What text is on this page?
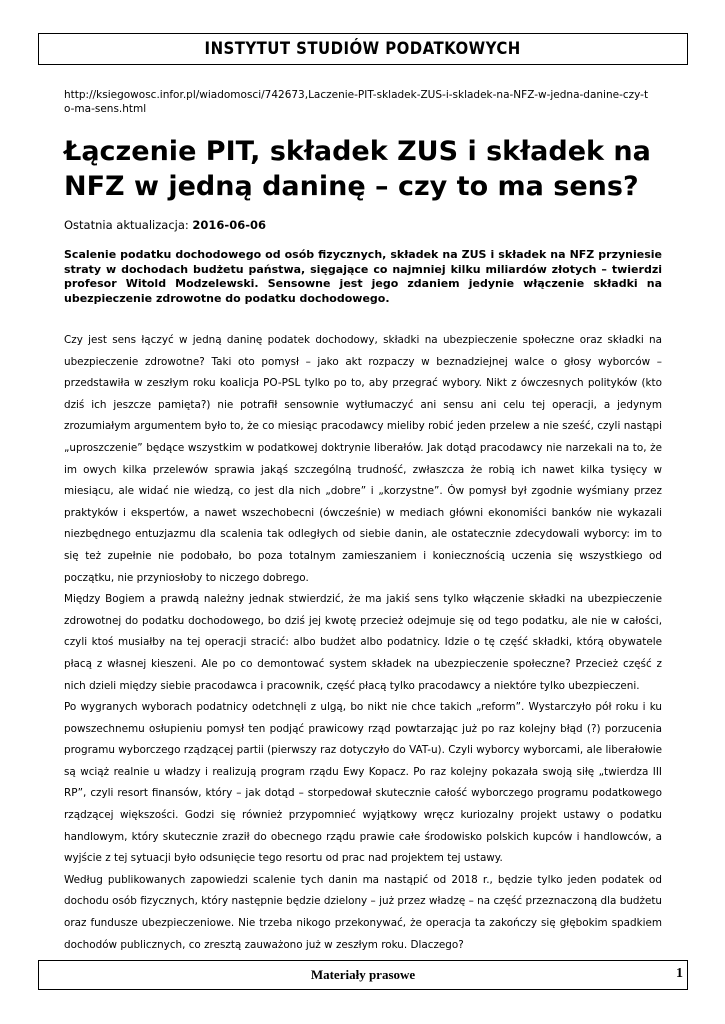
INSTYTUT STUDIÓW PODATKOWYCH
http://ksiegowosc.infor.pl/wiadomosci/742673,Laczenie-PIT-skladek-ZUS-i-skladek-na-NFZ-w-jedna-danine-czy-to-ma-sens.html
Łączenie PIT, składek ZUS i składek na NFZ w jedną daninę – czy to ma sens?
Ostatnia aktualizacja: 2016-06-06

Scalenie podatku dochodowego od osób fizycznych, składek na ZUS i składek na NFZ przyniesie straty w dochodach budżetu państwa, sięgające co najmniej kilku miliardów złotych – twierdzi profesor Witold Modzelewski. Sensowne jest jego zdaniem jedynie włączenie składki na ubezpieczenie zdrowotne do podatku dochodowego.

Czy jest sens łączyć w jedną daninę podatek dochodowy, składki na ubezpieczenie społeczne oraz składki na ubezpieczenie zdrowotne? Taki oto pomysł – jako akt rozpaczy w beznadziejnej walce o głosy wyborców – przedstawiła w zeszłym roku koalicja PO-PSL tylko po to, aby przegrać wybory. Nikt z ówczesnych polityków (kto dziś ich jeszcze pamięta?) nie potrafił sensownie wytłumaczyć ani sensu ani celu tej operacji, a jedynym zrozumiałym argumentem było to, że co miesiąc pracodawcy mieliby robić jeden przelew a nie sześć, czyli nastąpi „uproszczenie” będące wszystkim w podatkowej doktrynie liberałów. Jak dotąd pracodawcy nie narzekali na to, że im owych kilka przelewów sprawia jakąś szczególną trudność, zwłaszcza że robią ich nawet kilka tysięcy w miesiącu, ale widać nie wiedzą, co jest dla nich „dobre” i „korzystne”. Ów pomysł był zgodnie wyśmiany przez praktyków i ekspertów, a nawet wszechobecni (ówcześnie) w mediach główni ekonomiści banków nie wykazali niezbędnego entuzjazmu dla scalenia tak odległych od siebie danin, ale ostatecznie zdecydowali wyborcy: im to się też zupełnie nie podobało, bo poza totalnym zamieszaniem i koniecznością uczenia się wszystkiego od początku, nie przyniosłoby to niczego dobrego.

Między Bogiem a prawdą należny jednak stwierdzić, że ma jakiś sens tylko włączenie składki na ubezpieczenie zdrowotnej do podatku dochodowego, bo dziś jej kwotę przecież odejmuje się od tego podatku, ale nie w całości, czyli ktoś musiałby na tej operacji stracić: albo budżet albo podatnicy. Idzie o tę część składki, którą obywatele płacą z własnej kieszeni. Ale po co demontować system składek na ubezpieczenie społeczne? Przecież część z nich dzieli między siebie pracodawca i pracownik, część płacą tylko pracodawcy a niektóre tylko ubezpieczeni.

Po wygranych wyborach podatnicy odetchnęli z ulgą, bo nikt nie chce takich „reform”. Wystarczyło pół roku i ku powszechnemu osłupieniu pomysł ten podjąć prawicowy rząd powtarzając już po raz kolejny błąd (?) porzucenia programu wyborczego rządzącej partii (pierwszy raz dotyczyło do VAT-u). Czyli wyborcy wyborcami, ale liberałowie są wciąż realnie u władzy i realizują program rządu Ewy Kopacz. Po raz kolejny pokazała swoją siłę „twierdza III RP”, czyli resort finansów, który – jak dotąd – storpedował skutecznie całość wyborczego programu podatkowego rządzącej większości. Godzi się również przypomnieć wyjątkowy wręcz kuriozalny projekt ustawy o podatku handlowym, który skutecznie zraził do obecnego rządu prawie całe środowisko polskich kupców i handlowców, a wyjście z tej sytuacji było odsunięcie tego resortu od prac nad projektem tej ustawy.

Według publikowanych zapowiedzi scalenie tych danin ma nastąpić od 2018 r., będzie tylko jeden podatek od dochodu osób fizycznych, który następnie będzie dzielony – już przez władzę – na część przeznaczoną dla budżetu oraz fundusze ubezpieczeniowe. Nie trzeba nikogo przekonywać, że operacja ta zakończy się głębokim spadkiem dochodów publicznych, co zresztą zauważono już w zeszłym roku. Dlaczego?

Materiały prasowe	1
